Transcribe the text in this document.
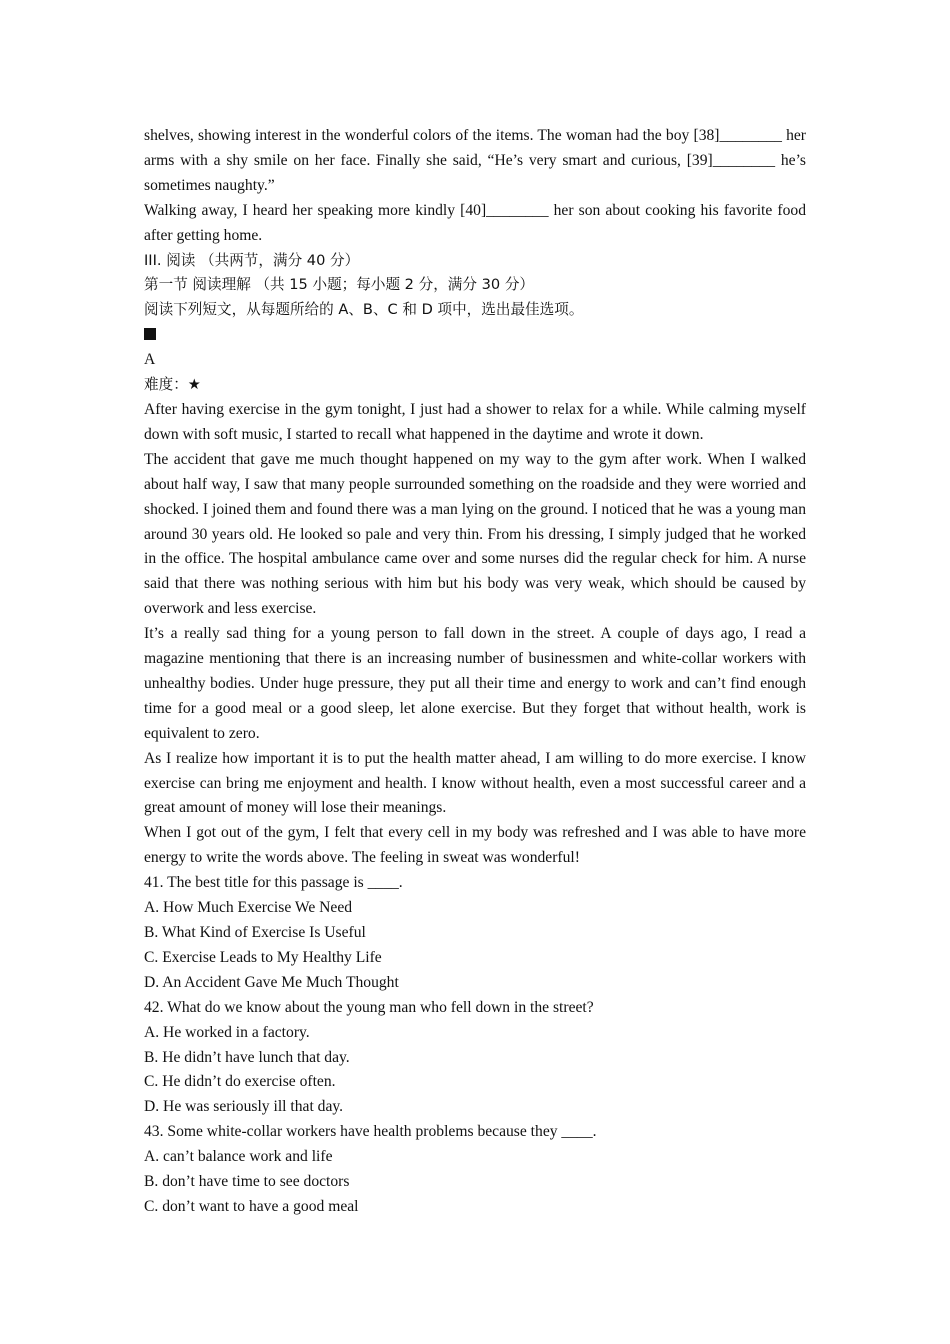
shelves, showing interest in the wonderful colors of the items. The woman had the boy [38]________ her arms with a shy smile on her face. Finally she said, “He’s very smart and curious, [39]________ he’s sometimes naughty.”

Walking away, I heard her speaking more kindly [40]________ her son about cooking his favorite food after getting home.

III. 阅读 （共两节，满分 40 分）

第一节 阅读理解 （共 15 小题；每小题 2 分，满分 30 分）

阅读下列短文，从每题所给的 A、B、C 和 D 项中，选出最佳选项。

A

难度：★

After having exercise in the gym tonight, I just had a shower to relax for a while. While calming myself down with soft music, I started to recall what happened in the daytime and wrote it down.

The accident that gave me much thought happened on my way to the gym after work. When I walked about half way, I saw that many people surrounded something on the roadside and they were worried and shocked. I joined them and found there was a man lying on the ground. I noticed that he was a young man around 30 years old. He looked so pale and very thin. From his dressing, I simply judged that he worked in the office. The hospital ambulance came over and some nurses did the regular check for him. A nurse said that there was nothing serious with him but his body was very weak, which should be caused by overwork and less exercise.

It’s a really sad thing for a young person to fall down in the street. A couple of days ago, I read a magazine mentioning that there is an increasing number of businessmen and white-collar workers with unhealthy bodies. Under huge pressure, they put all their time and energy to work and can’t find enough time for a good meal or a good sleep, let alone exercise. But they forget that without health, work is equivalent to zero.

As I realize how important it is to put the health matter ahead, I am willing to do more exercise. I know exercise can bring me enjoyment and health. I know without health, even a most successful career and a great amount of money will lose their meanings.

When I got out of the gym, I felt that every cell in my body was refreshed and I was able to have more energy to write the words above. The feeling in sweat was wonderful!

41. The best title for this passage is ____.

A. How Much Exercise We Need

B. What Kind of Exercise Is Useful

C. Exercise Leads to My Healthy Life

D. An Accident Gave Me Much Thought

42. What do we know about the young man who fell down in the street?

A. He worked in a factory.

B. He didn’t have lunch that day.

C. He didn’t do exercise often.

D. He was seriously ill that day.

43. Some white-collar workers have health problems because they ____.

A. can’t balance work and life

B. don’t have time to see doctors

C. don’t want to have a good meal
